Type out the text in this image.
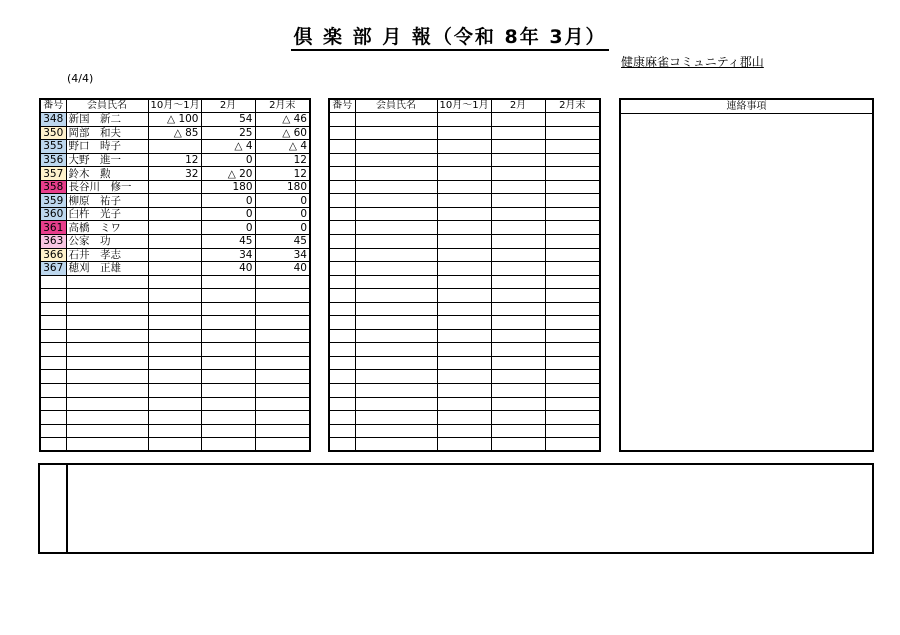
倶 楽 部 月 報（令和 8年 3月）
健康麻雀コミュニティ郡山
(4/4)
番号	会員氏名	10月～1月	2月	2月末
348	新国　新二	△ 100	54	△ 46
350	岡部　和夫	△ 85	25	△ 60
355	野口　時子		△ 4	△ 4
356	大野　進一	12	0	12
357	鈴木　勲	32	△ 20	12
358	長谷川　修一		180	180
359	柳原　祐子		0	0
360	臼杵　光子		0	0
361	高橋　ミワ		0	0
363	公家　功		45	45
366	石井　孝志		34	34
367	穂刈　正雄		40	40

番号	会員氏名	10月～1月	2月	2月末

					連絡事項
